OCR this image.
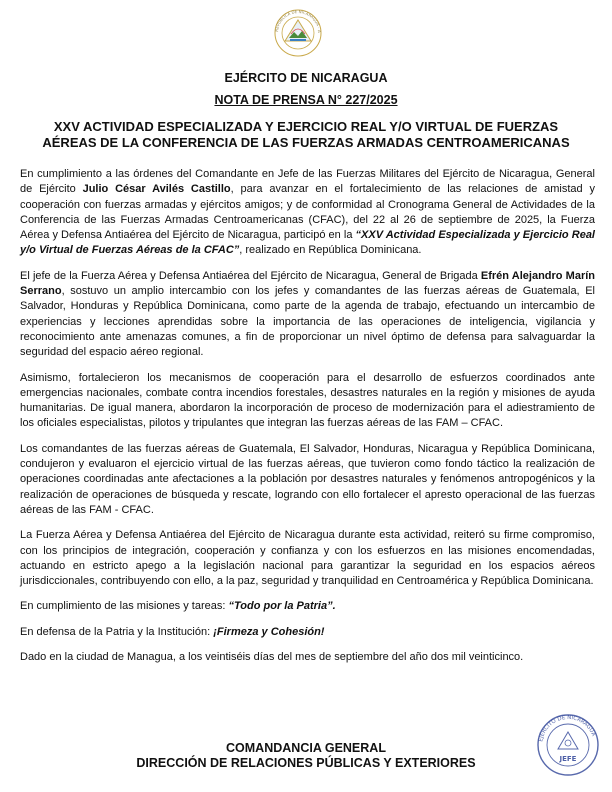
REPÚBLICA DE NICARAGUA · A
EJÉRCITO DE NICARAGUA
NOTA DE PRENSA N° 227/2025
XXV ACTIVIDAD ESPECIALIZADA Y EJERCICIO REAL Y/O VIRTUAL DE FUERZAS
AÉREAS DE LA CONFERENCIA DE LAS FUERZAS ARMADAS CENTROAMERICANAS

En cumplimiento a las órdenes del Comandante en Jefe de las Fuerzas Militares del Ejército de Nicaragua, General de Ejército Julio César Avilés Castillo, para avanzar en el fortalecimiento de las relaciones de amistad y cooperación con fuerzas armadas y ejércitos amigos; y de conformidad al Cronograma General de Actividades de la Conferencia de las Fuerzas Armadas Centroamericanas (CFAC), del 22 al 26 de septiembre de 2025, la Fuerza Aérea y Defensa Antiaérea del Ejército de Nicaragua, participó en la “XXV Actividad Especializada y Ejercicio Real y/o Virtual de Fuerzas Aéreas de la CFAC”, realizado en República Dominicana.

El jefe de la Fuerza Aérea y Defensa Antiaérea del Ejército de Nicaragua, General de Brigada Efrén Alejandro Marín Serrano, sostuvo un amplio intercambio con los jefes y comandantes de las fuerzas aéreas de Guatemala, El Salvador, Honduras y República Dominicana, como parte de la agenda de trabajo, efectuando un intercambio de experiencias y lecciones aprendidas sobre la importancia de las operaciones de inteligencia, vigilancia y reconocimiento ante amenazas comunes, a fin de proporcionar un nivel óptimo de defensa para salvaguardar la seguridad del espacio aéreo regional.

Asimismo, fortalecieron los mecanismos de cooperación para el desarrollo de esfuerzos coordinados ante emergencias nacionales, combate contra incendios forestales, desastres naturales en la región y misiones de ayuda humanitarias. De igual manera, abordaron la incorporación de proceso de modernización para el adiestramiento de los oficiales especialistas, pilotos y tripulantes que integran las fuerzas aéreas de las FAM – CFAC.

Los comandantes de las fuerzas aéreas de Guatemala, El Salvador, Honduras, Nicaragua y República Dominicana, condujeron y evaluaron el ejercicio virtual de las fuerzas aéreas, que tuvieron como fondo táctico la realización de operaciones coordinadas ante afectaciones a la población por desastres naturales y fenómenos antropogénicos y la realización de operaciones de búsqueda y rescate, logrando con ello fortalecer el apresto operacional de las fuerzas aéreas de las FAM - CFAC.

La Fuerza Aérea y Defensa Antiaérea del Ejército de Nicaragua durante esta actividad, reiteró su firme compromiso, con los principios de integración, cooperación y confianza y con los esfuerzos en las misiones encomendadas, actuando en estricto apego a la legislación nacional para garantizar la seguridad en los espacios aéreos jurisdiccionales, contribuyendo con ello, a la paz, seguridad y tranquilidad en Centroamérica y República Dominicana.

En cumplimiento de las misiones y tareas: “Todo por la Patria”.

En defensa de la Patria y la Institución: ¡Firmeza y Cohesión!

Dado en la ciudad de Managua, a los veintiséis días del mes de septiembre del año dos mil veinticinco.

COMANDANCIA GENERAL
DIRECCIÓN DE RELACIONES PÚBLICAS Y EXTERIORES
EJÉRCITO DE NICARAGUA
JEFE
